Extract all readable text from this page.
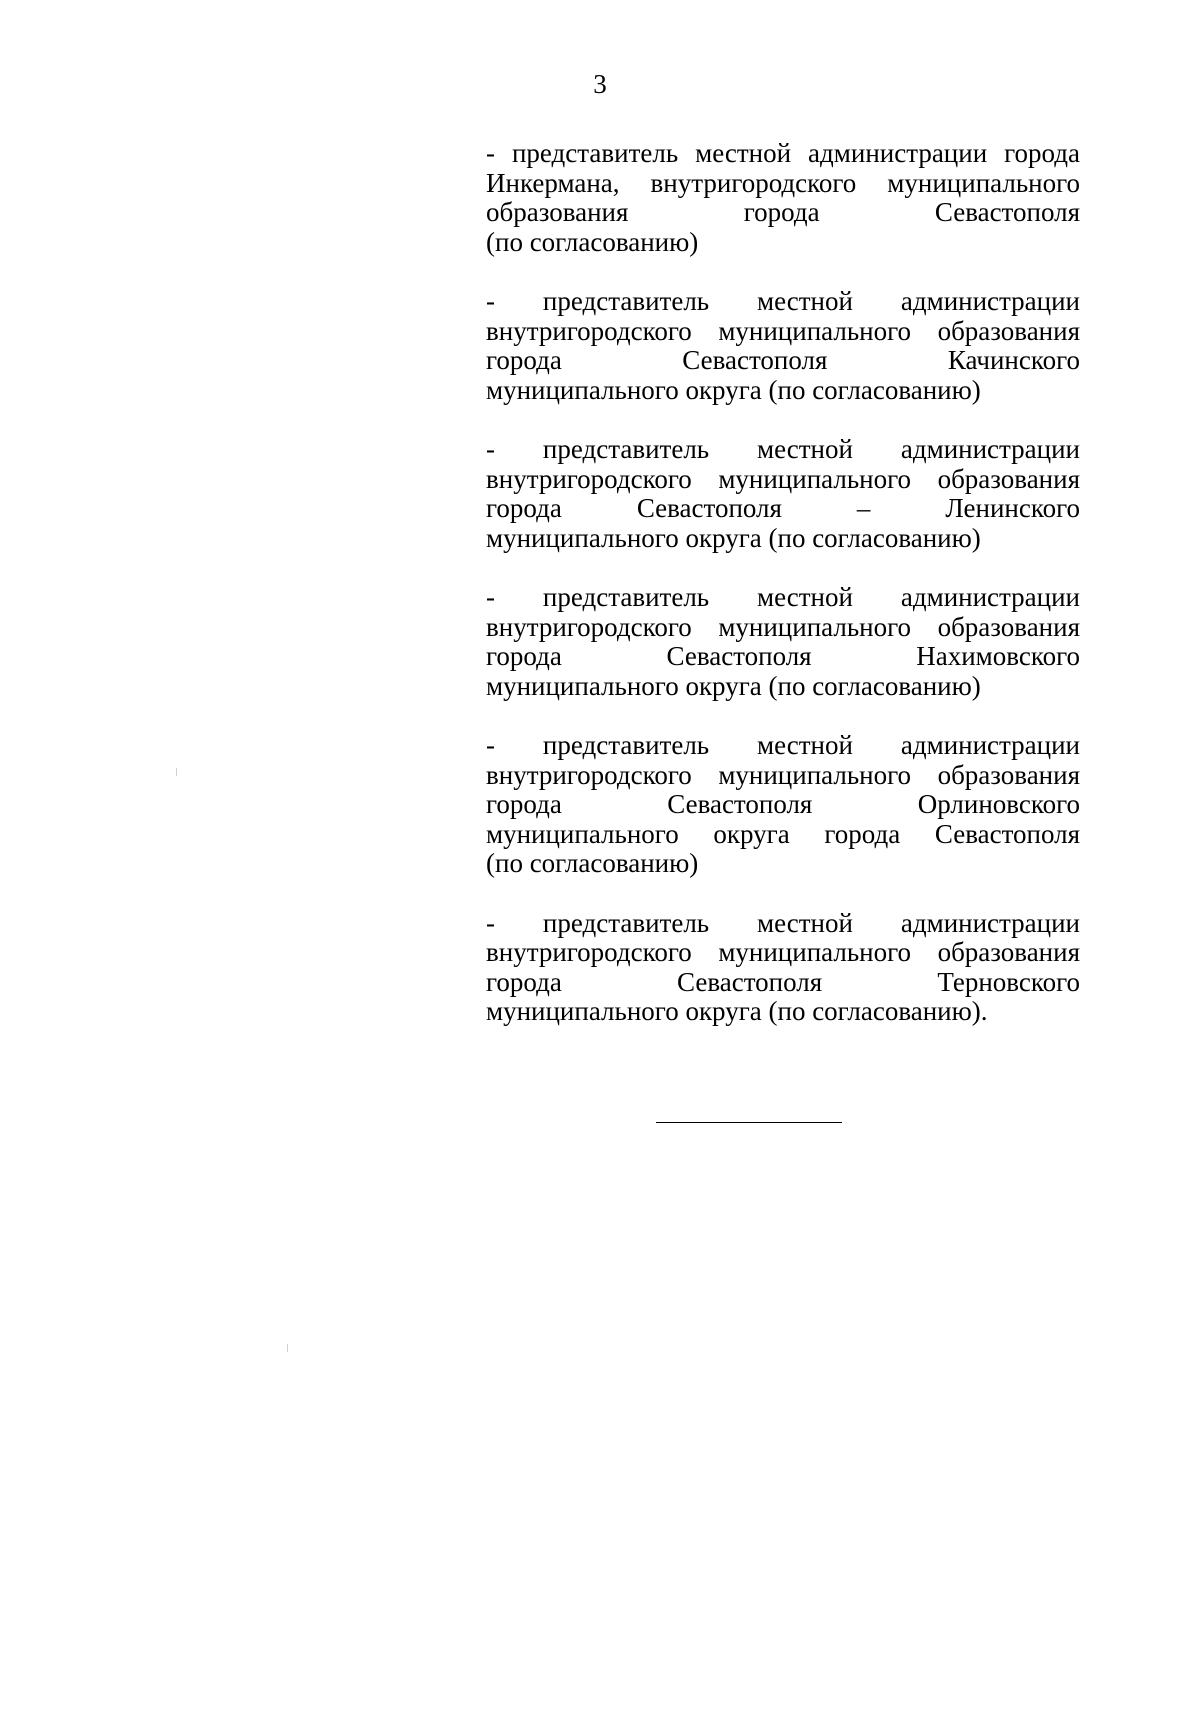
3
- представитель местной администрации города
Инкермана, внутригородского муниципального
образования города Севастополя
(по согласованию)
- представитель местной администрации
внутригородского муниципального образования
города Севастополя Качинского
муниципального округа (по согласованию)
- представитель местной администрации
внутригородского муниципального образования
города Севастополя – Ленинского
муниципального округа (по согласованию)
- представитель местной администрации
внутригородского муниципального образования
города Севастополя Нахимовского
муниципального округа (по согласованию)
- представитель местной администрации
внутригородского муниципального образования
города Севастополя Орлиновского
муниципального округа города Севастополя
(по согласованию)
- представитель местной администрации
внутригородского муниципального образования
города Севастополя Терновского
муниципального округа (по согласованию).
